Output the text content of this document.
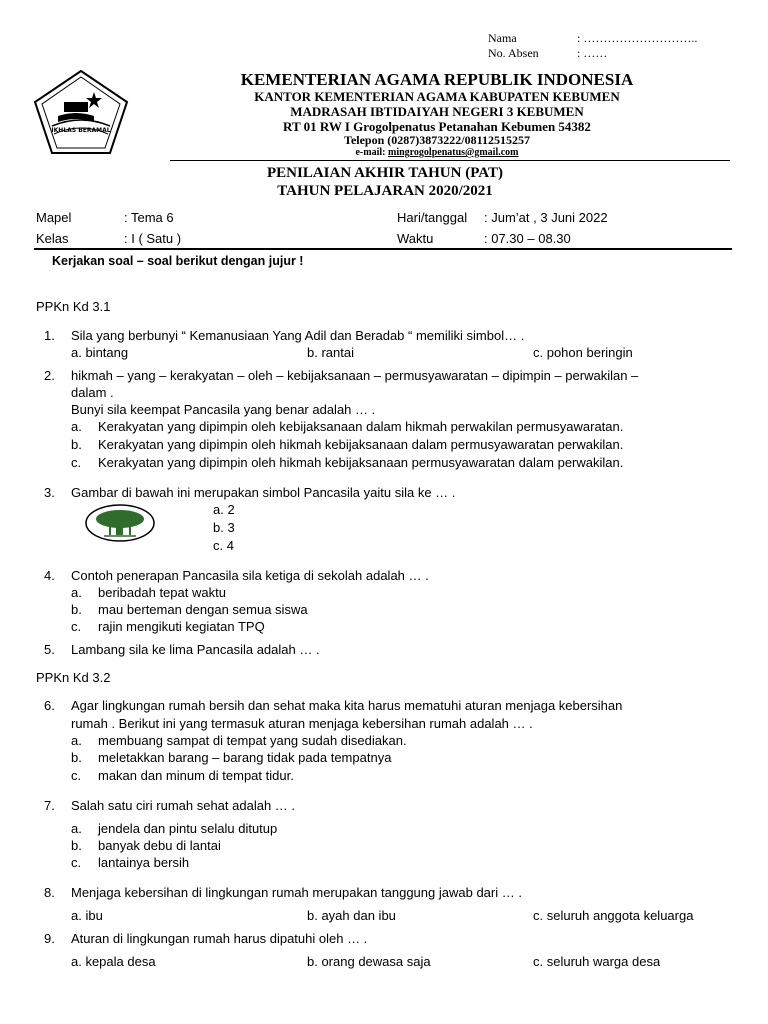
Nama	: ………………………..
No. Absen	: ……
IKHLAS BERAMAL
KEMENTERIAN AGAMA REPUBLIK INDONESIA
KANTOR KEMENTERIAN AGAMA KABUPATEN KEBUMEN
MADRASAH IBTIDAIYAH NEGERI 3 KEBUMEN
RT 01 RW I Grogolpenatus Petanahan Kebumen 54382
Telepon (0287)3873222/08112515257
e-mail: mingrogolpenatus@gmail.com
PENILAIAN AKHIR TAHUN (PAT)
TAHUN PELAJARAN 2020/2021
Mapel	: Tema 6	Hari/tanggal : Jum’at , 3 Juni 2022
Kelas	: I ( Satu )	Waktu	: 07.30 – 08.30
Kerjakan soal – soal berikut dengan jujur !
PPKn Kd 3.1
1. Sila yang berbunyi “ Kemanusiaan Yang Adil dan Beradab “ memiliki simbol… .
a. bintang	b. rantai	c. pohon beringin
2. hikmah – yang – kerakyatan – oleh – kebijaksanaan – permusyawaratan – dipimpin – perwakilan –
dalam .
Bunyi sila keempat Pancasila yang benar adalah … .
a. Kerakyatan yang dipimpin oleh kebijaksanaan dalam hikmah perwakilan permusyawaratan.
b. Kerakyatan yang dipimpin oleh hikmah kebijaksanaan dalam permusyawaratan perwakilan.
c. Kerakyatan yang dipimpin oleh hikmah kebijaksanaan permusyawaratan dalam perwakilan.
3. Gambar di bawah ini merupakan simbol Pancasila yaitu sila ke … .
a. 2
b. 3
c. 4
4. Contoh penerapan Pancasila sila ketiga di sekolah adalah … .
a. beribadah tepat waktu
b. mau berteman dengan semua siswa
c. rajin mengikuti kegiatan TPQ
5. Lambang sila ke lima Pancasila adalah … .
PPKn Kd 3.2
6. Agar lingkungan rumah bersih dan sehat maka kita harus mematuhi aturan menjaga kebersihan
rumah . Berikut ini yang termasuk aturan menjaga kebersihan rumah adalah … .
a. membuang sampat di tempat yang sudah disediakan.
b. meletakkan barang – barang tidak pada tempatnya
c. makan dan minum di tempat tidur.
7. Salah satu ciri rumah sehat adalah … .
a. jendela dan pintu selalu ditutup
b. banyak debu di lantai
c. lantainya bersih
8. Menjaga kebersihan di lingkungan rumah merupakan tanggung jawab dari … .
a. ibu	b. ayah dan ibu	c. seluruh anggota keluarga
9. Aturan di lingkungan rumah harus dipatuhi oleh … .
a. kepala desa	b. orang dewasa saja	c. seluruh warga desa
